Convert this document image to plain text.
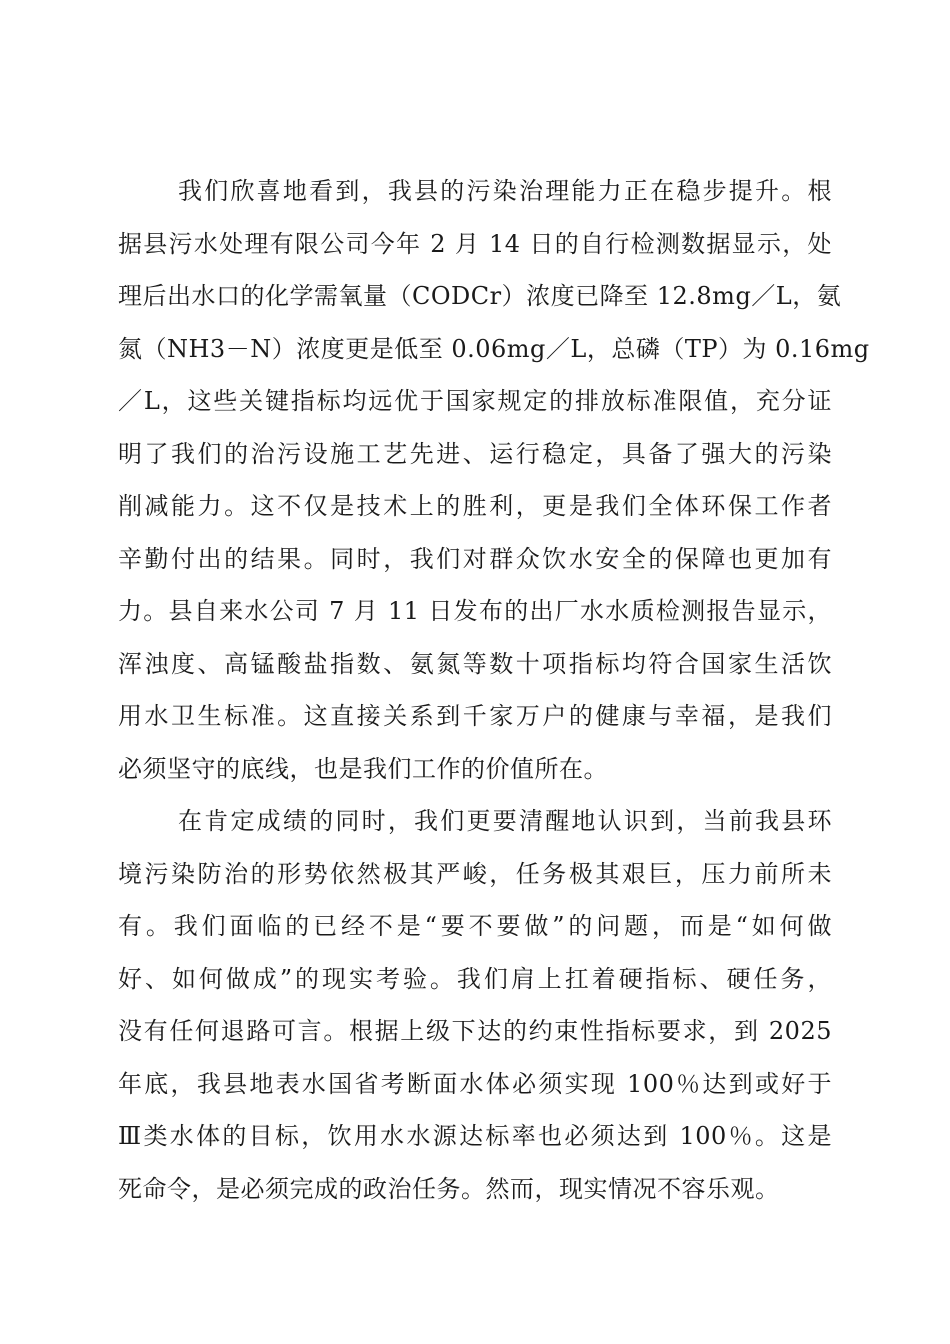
我们欣喜地看到，我县的污染治理能力正在稳步提升。根
据县污水处理有限公司今年 2 月 14 日的自行检测数据显示，处
理后出水口的化学需氧量（CODCr）浓度已降至 12.8mg／L，氨
氮（NH3－N）浓度更是低至 0.06mg／L，总磷（TP）为 0.16mg
／L，这些关键指标均远优于国家规定的排放标准限值，充分证
明了我们的治污设施工艺先进、运行稳定，具备了强大的污染
削减能力。这不仅是技术上的胜利，更是我们全体环保工作者
辛勤付出的结果。同时，我们对群众饮水安全的保障也更加有
力。县自来水公司 7 月 11 日发布的出厂水水质检测报告显示，
浑浊度、高锰酸盐指数、氨氮等数十项指标均符合国家生活饮
用水卫生标准。这直接关系到千家万户的健康与幸福，是我们
必须坚守的底线，也是我们工作的价值所在。
在肯定成绩的同时，我们更要清醒地认识到，当前我县环
境污染防治的形势依然极其严峻，任务极其艰巨，压力前所未
有。我们面临的已经不是“要不要做”的问题，而是“如何做
好、如何做成”的现实考验。我们肩上扛着硬指标、硬任务，
没有任何退路可言。根据上级下达的约束性指标要求，到 2025
年底，我县地表水国省考断面水体必须实现 100％达到或好于
Ⅲ类水体的目标，饮用水水源达标率也必须达到 100％。这是
死命令，是必须完成的政治任务。然而，现实情况不容乐观。
